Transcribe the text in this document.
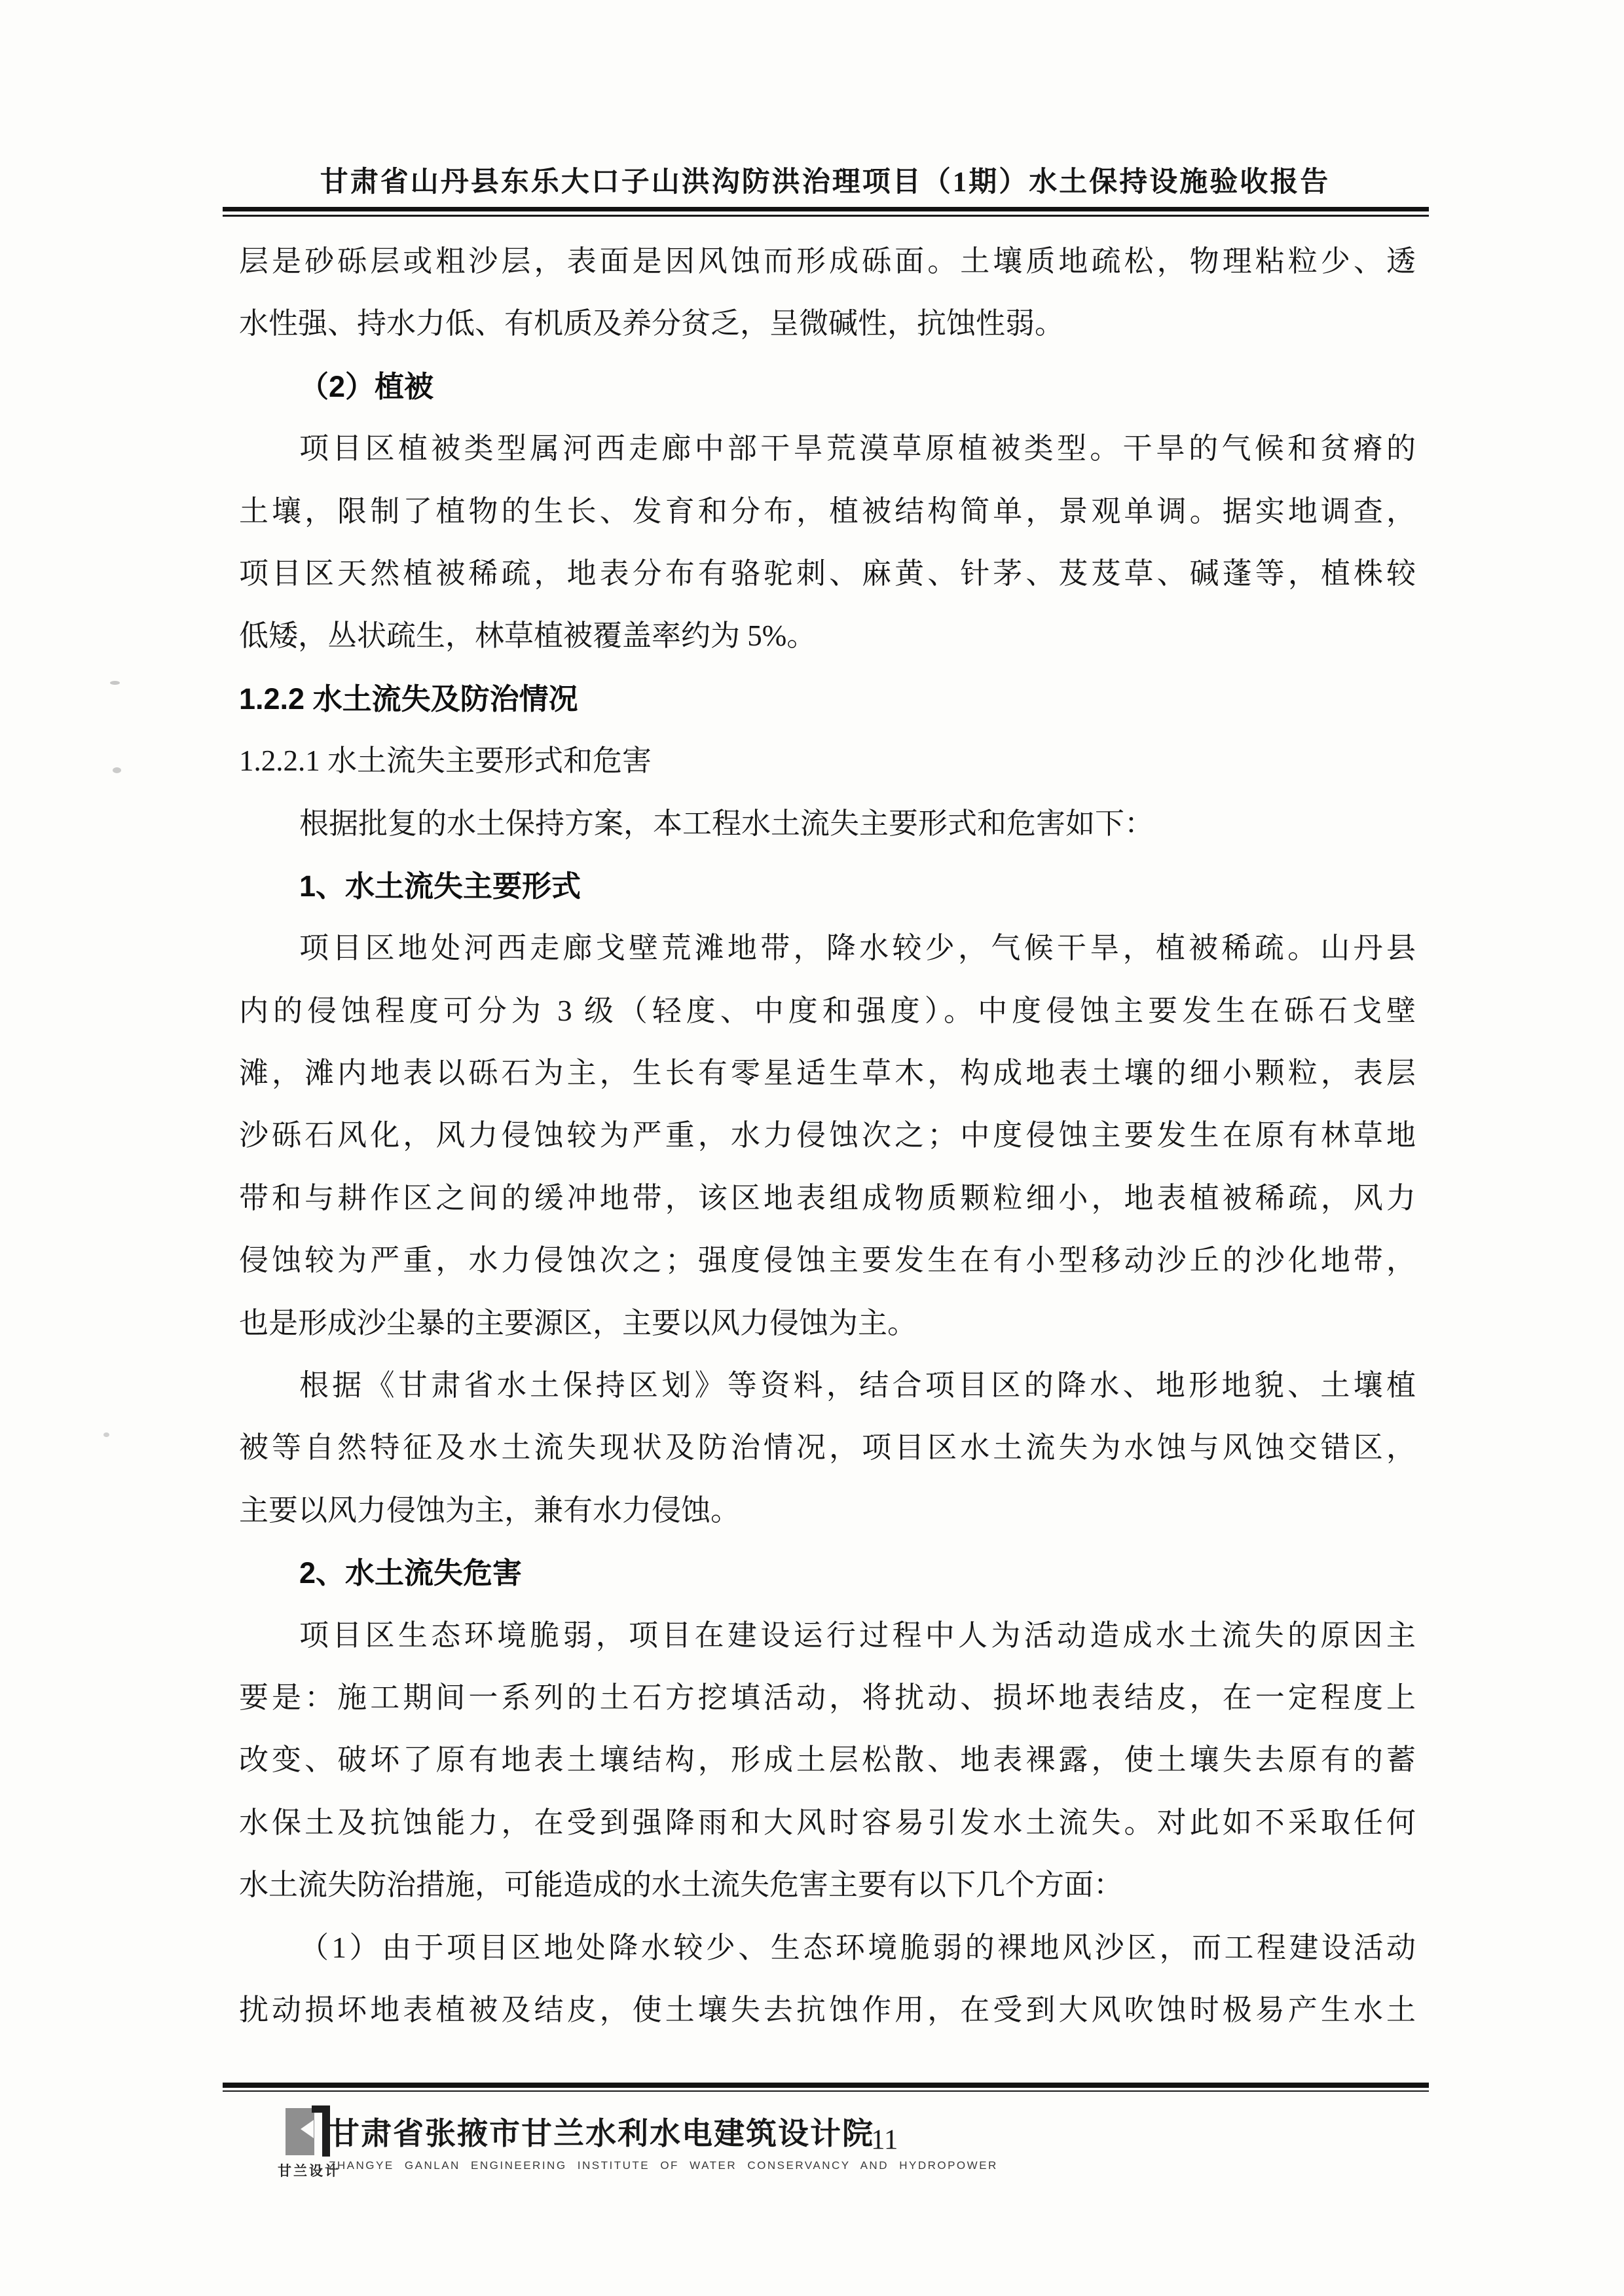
甘肃省山丹县东乐大口子山洪沟防洪治理项目（1期）水土保持设施验收报告
层是砂砾层或粗沙层，表面是因风蚀而形成砾面。土壤质地疏松，物理粘粒少、透
水性强、持水力低、有机质及养分贫乏，呈微碱性，抗蚀性弱。
（2）植被
项目区植被类型属河西走廊中部干旱荒漠草原植被类型。干旱的气候和贫瘠的
土壤，限制了植物的生长、发育和分布，植被结构简单，景观单调。据实地调查，
项目区天然植被稀疏，地表分布有骆驼刺、麻黄、针茅、芨芨草、碱蓬等，植株较
低矮，丛状疏生，林草植被覆盖率约为 5%。
1.2.2 水土流失及防治情况
1.2.2.1 水土流失主要形式和危害
根据批复的水土保持方案，本工程水土流失主要形式和危害如下：
1、水土流失主要形式
项目区地处河西走廊戈壁荒滩地带，降水较少，气候干旱，植被稀疏。山丹县
内的侵蚀程度可分为 3 级（轻度、中度和强度）。中度侵蚀主要发生在砾石戈壁
滩，滩内地表以砾石为主，生长有零星适生草木，构成地表土壤的细小颗粒，表层
沙砾石风化，风力侵蚀较为严重，水力侵蚀次之；中度侵蚀主要发生在原有林草地
带和与耕作区之间的缓冲地带，该区地表组成物质颗粒细小，地表植被稀疏，风力
侵蚀较为严重，水力侵蚀次之；强度侵蚀主要发生在有小型移动沙丘的沙化地带，
也是形成沙尘暴的主要源区，主要以风力侵蚀为主。
根据《甘肃省水土保持区划》等资料，结合项目区的降水、地形地貌、土壤植
被等自然特征及水土流失现状及防治情况，项目区水土流失为水蚀与风蚀交错区，
主要以风力侵蚀为主，兼有水力侵蚀。
2、水土流失危害
项目区生态环境脆弱，项目在建设运行过程中人为活动造成水土流失的原因主
要是：施工期间一系列的土石方挖填活动，将扰动、损坏地表结皮，在一定程度上
改变、破坏了原有地表土壤结构，形成土层松散、地表裸露，使土壤失去原有的蓄
水保土及抗蚀能力，在受到强降雨和大风时容易引发水土流失。对此如不采取任何
水土流失防治措施，可能造成的水土流失危害主要有以下几个方面：
（1）由于项目区地处降水较少、生态环境脆弱的裸地风沙区，而工程建设活动
扰动损坏地表植被及结皮，使土壤失去抗蚀作用，在受到大风吹蚀时极易产生水土
甘兰设计
甘肃省张掖市甘兰水利水电建筑设计院
ZHANGYE GANLAN ENGINEERING INSTITUTE OF WATER CONSERVANCY AND HYDROPOWER
11
